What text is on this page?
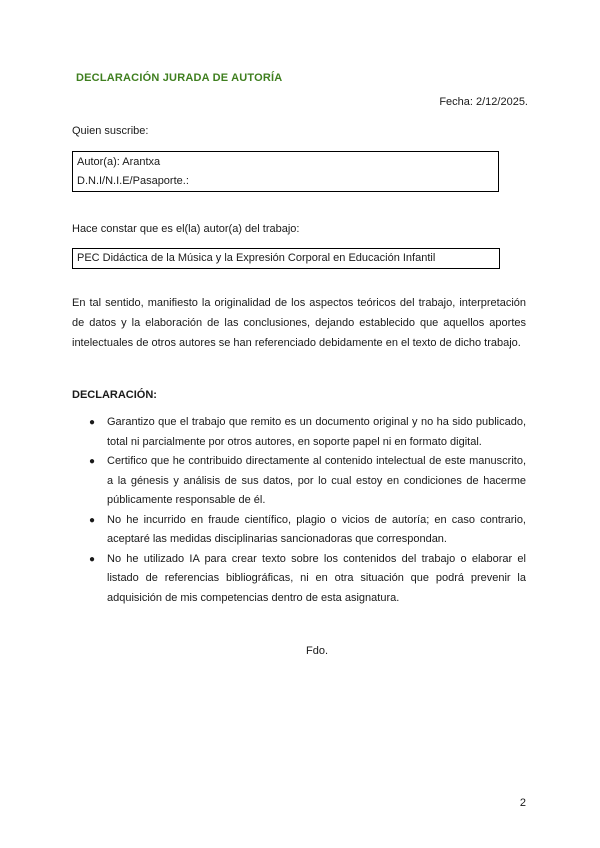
DECLARACIÓN JURADA DE AUTORÍA
Fecha: 2/12/2025.
Quien suscribe:
Autor(a): Arantxa
D.N.I/N.I.E/Pasaporte.:
Hace constar que es el(la) autor(a) del trabajo:
PEC Didáctica de la Música y la Expresión Corporal en Educación Infantil
En tal sentido, manifiesto la originalidad de los aspectos teóricos del trabajo, interpretación de datos y la elaboración de las conclusiones, dejando establecido que aquellos aportes intelectuales de otros autores se han referenciado debidamente en el texto de dicho trabajo.
DECLARACIÓN:
● Garantizo que el trabajo que remito es un documento original y no ha sido publicado, total ni parcialmente por otros autores, en soporte papel ni en formato digital.
● Certifico que he contribuido directamente al contenido intelectual de este manuscrito, a la génesis y análisis de sus datos, por lo cual estoy en condiciones de hacerme públicamente responsable de él.
● No he incurrido en fraude científico, plagio o vicios de autoría; en caso contrario, aceptaré las medidas disciplinarias sancionadoras que correspondan.
● No he utilizado IA para crear texto sobre los contenidos del trabajo o elaborar el listado de referencias bibliográficas, ni en otra situación que podrá prevenir la adquisición de mis competencias dentro de esta asignatura.
Fdo.
2
